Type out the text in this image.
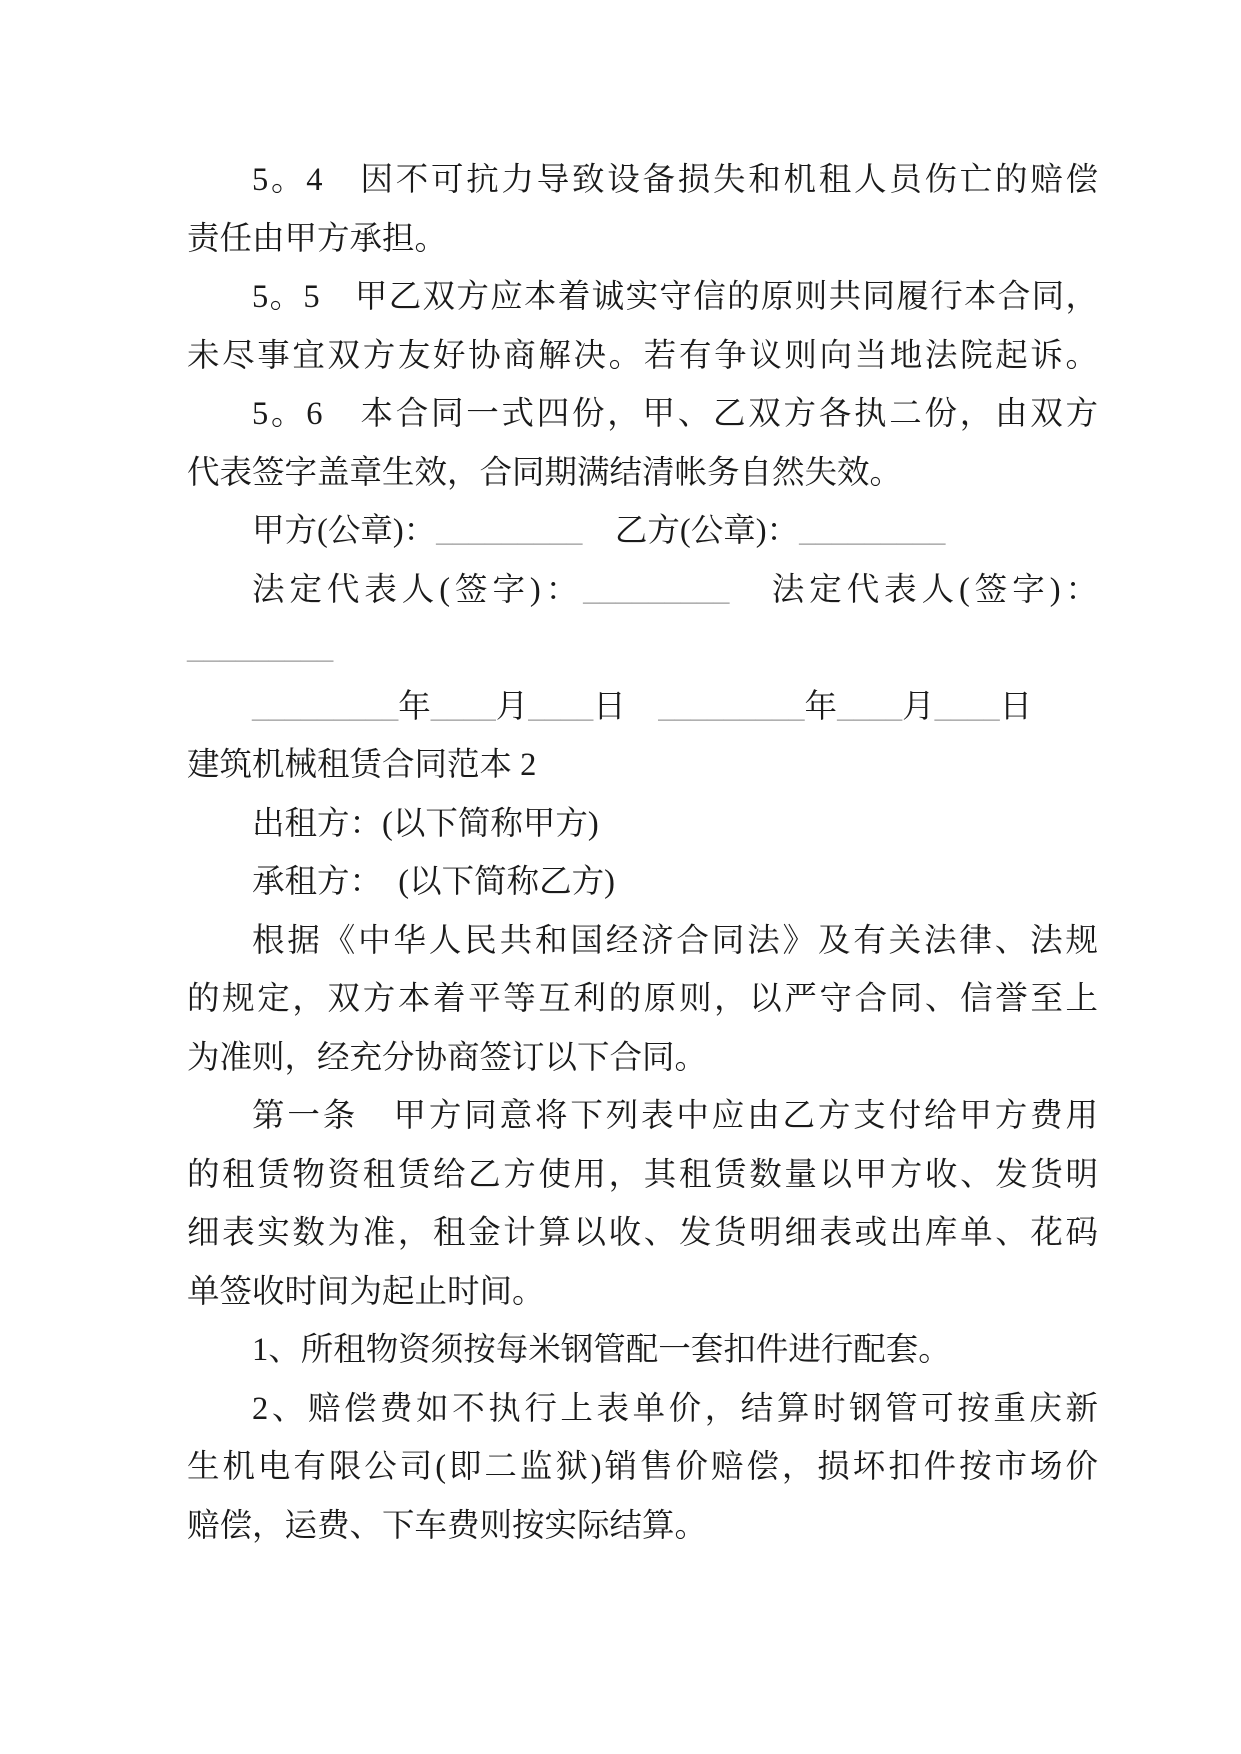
5。4　因不可抗力导致设备损失和机租人员伤亡的赔偿
责任由甲方承担。
5。5　甲乙双方应本着诚实守信的原则共同履行本合同，
未尽事宜双方友好协商解决。若有争议则向当地法院起诉。
5。6　本合同一式四份，甲、乙双方各执二份，由双方
代表签字盖章生效，合同期满结清帐务自然失效。
甲方(公章)：_________　乙方(公章)：_________
法定代表人(签字)：_________　法定代表人(签字)：
_________
_________年____月____日　_________年____月____日
建筑机械租赁合同范本 2
出租方：(以下简称甲方)
承租方：　(以下简称乙方)
根据《中华人民共和国经济合同法》及有关法律、法规
的规定，双方本着平等互利的原则，以严守合同、信誉至上
为准则，经充分协商签订以下合同。
第一条　甲方同意将下列表中应由乙方支付给甲方费用
的租赁物资租赁给乙方使用，其租赁数量以甲方收、发货明
细表实数为准，租金计算以收、发货明细表或出库单、花码
单签收时间为起止时间。
1、所租物资须按每米钢管配一套扣件进行配套。
2、赔偿费如不执行上表单价，结算时钢管可按重庆新
生机电有限公司(即二监狱)销售价赔偿，损坏扣件按市场价
赔偿，运费、下车费则按实际结算。
